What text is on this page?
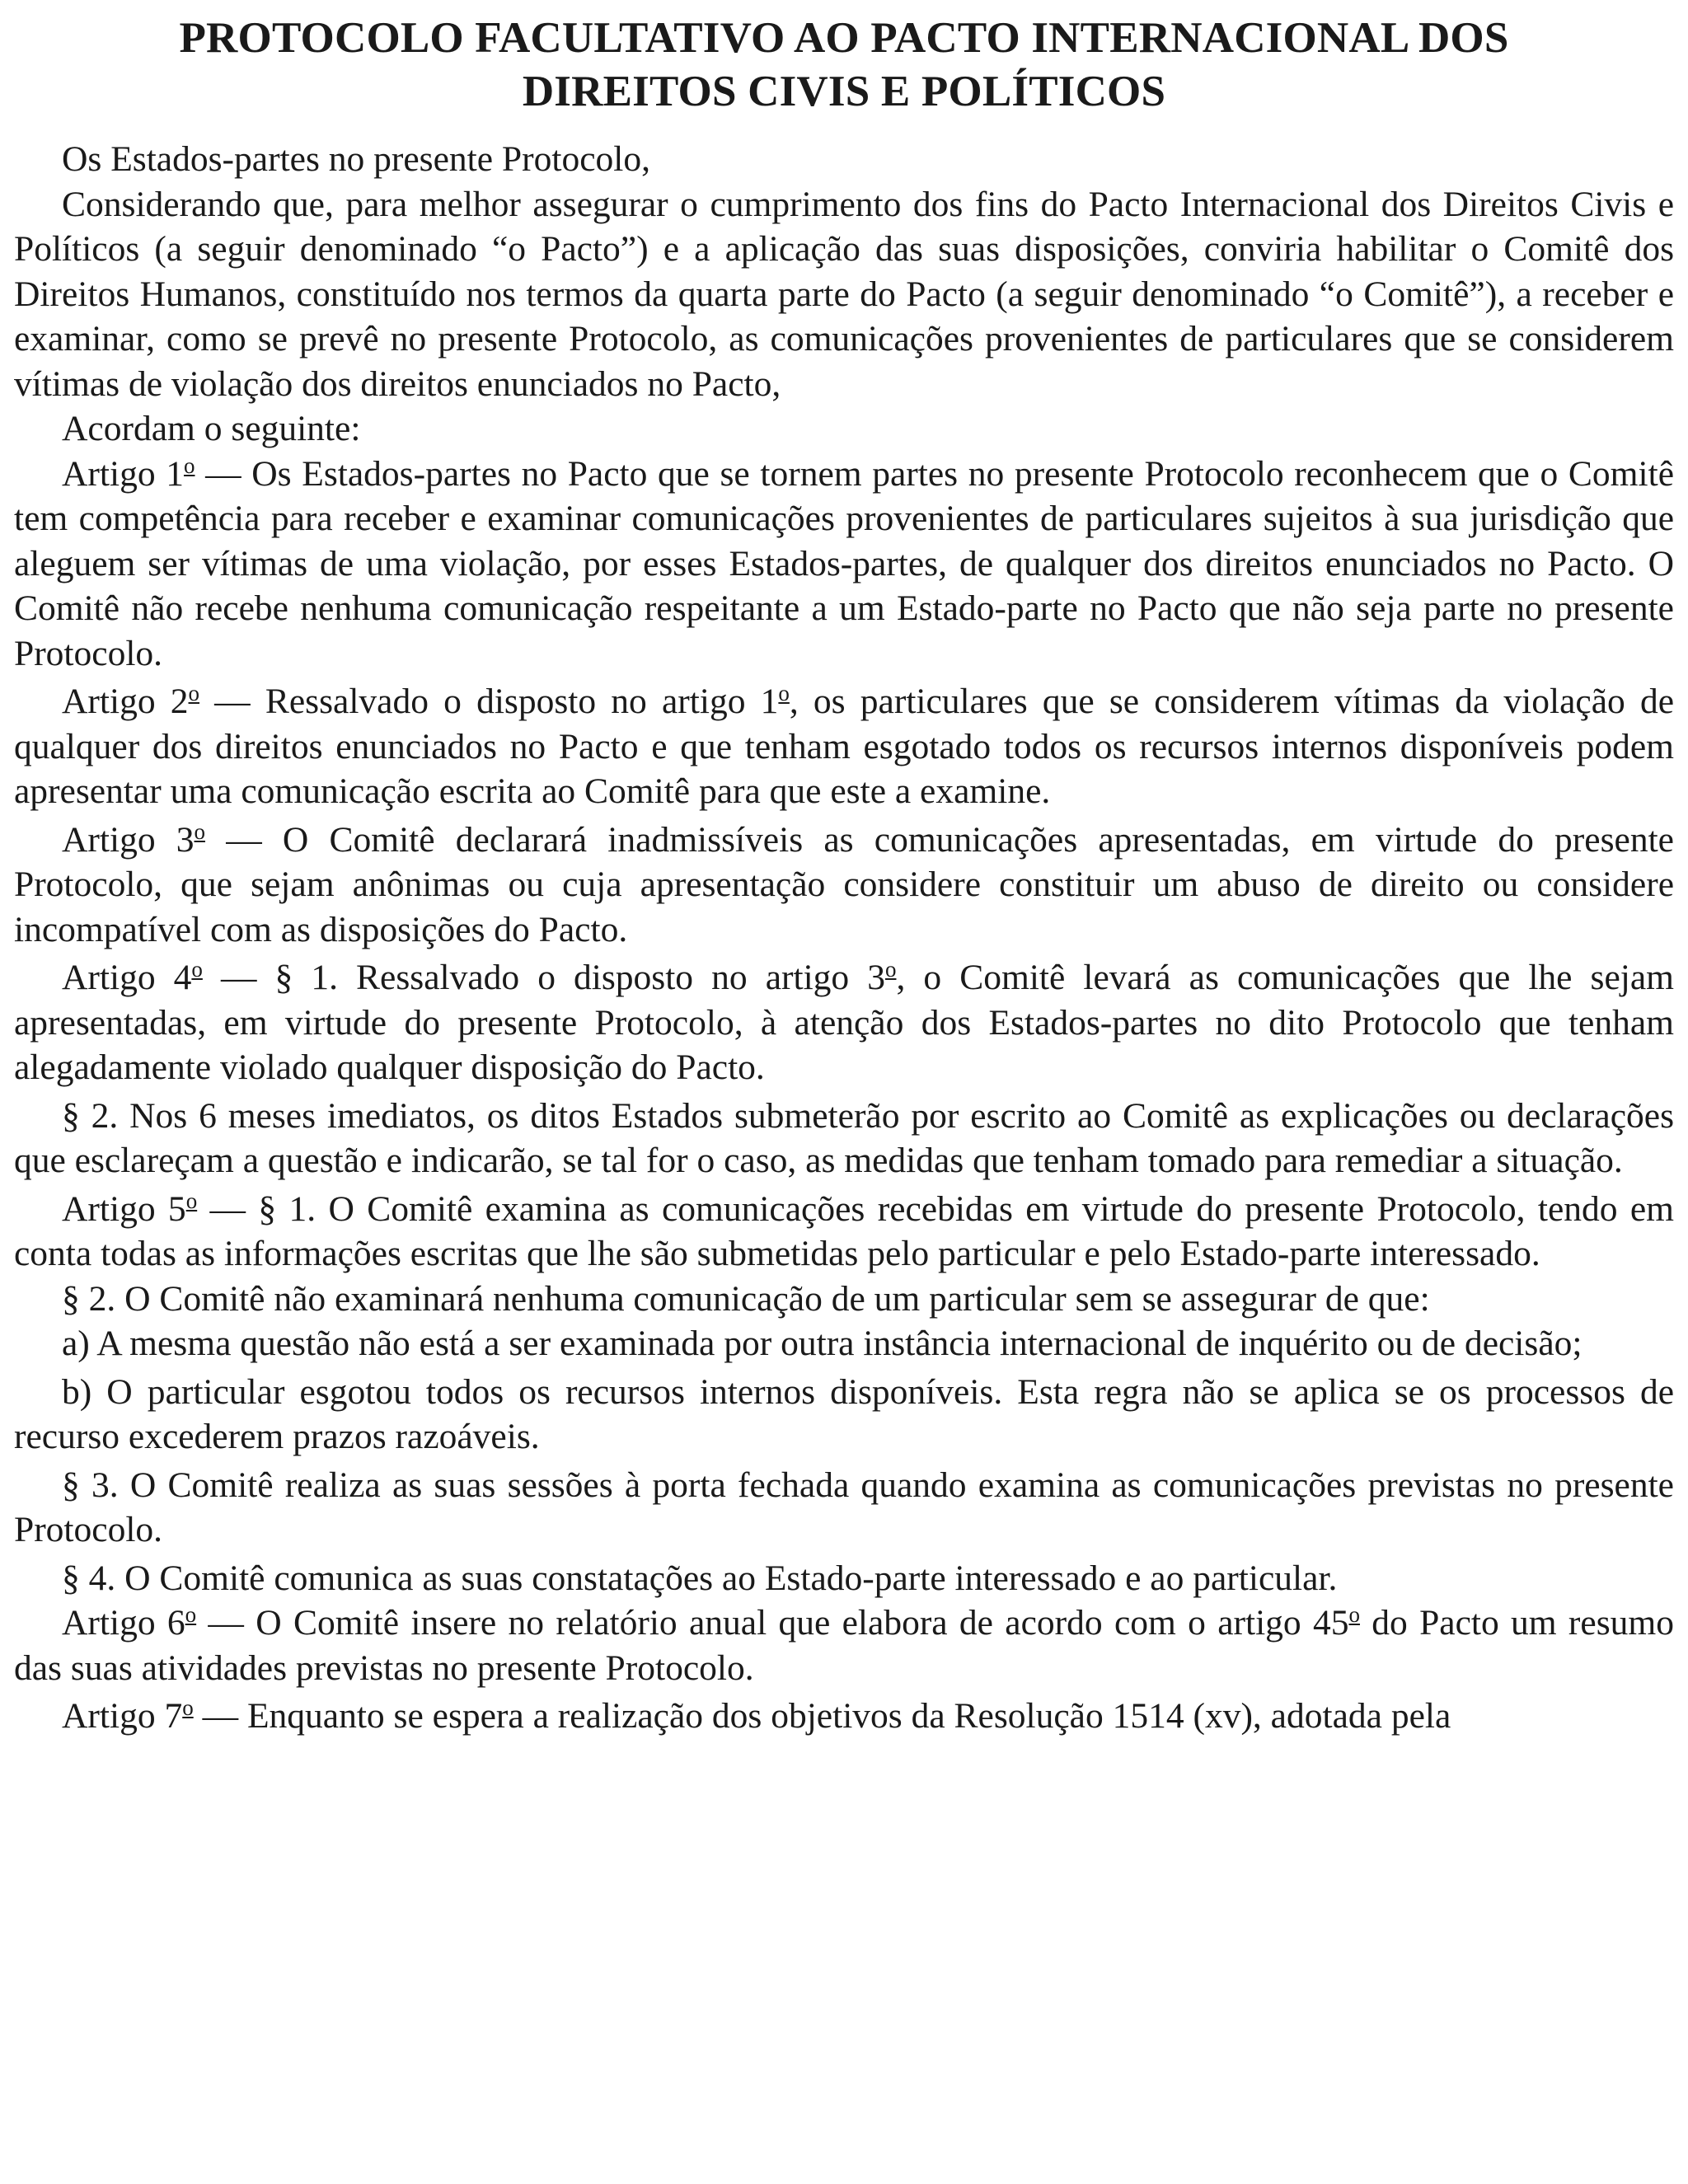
PROTOCOLO FACULTATIVO AO PACTO INTERNACIONAL DOS
DIREITOS CIVIS E POLÍTICOS

Os Estados-partes no presente Protocolo,

Considerando que, para melhor assegurar o cumprimento dos fins do Pacto Internacional dos Direitos Civis e Políticos (a seguir denominado “o Pacto”) e a aplicação das suas disposições, conviria habilitar o Comitê dos Direitos Humanos, constituído nos termos da quarta parte do Pacto (a seguir denominado “o Comitê”), a receber e examinar, como se prevê no presente Protocolo, as comunicações provenientes de particulares que se considerem vítimas de violação dos direitos enunciados no Pacto,

Acordam o seguinte:

Artigo 1$^o$ — Os Estados-partes no Pacto que se tornem partes no presente Protocolo reconhecem que o Comitê tem competência para receber e examinar comunicações provenientes de particulares sujeitos à sua jurisdição que aleguem ser vítimas de uma violação, por esses Estados-partes, de qualquer dos direitos enunciados no Pacto. O Comitê não recebe nenhuma comunicação respeitante a um Estado-parte no Pacto que não seja parte no presente Protocolo.

Artigo 2$^o$ — Ressalvado o disposto no artigo 1$^o$, os particulares que se considerem vítimas da violação de qualquer dos direitos enunciados no Pacto e que tenham esgotado todos os recursos internos disponíveis podem apresentar uma comunicação escrita ao Comitê para que este a examine.

Artigo 3$^o$ — O Comitê declarará inadmissíveis as comunicações apresentadas, em virtude do presente Protocolo, que sejam anônimas ou cuja apresentação considere constituir um abuso de direito ou considere incompatível com as disposições do Pacto.

Artigo 4$^o$ — § 1. Ressalvado o disposto no artigo 3$^o$, o Comitê levará as comunicações que lhe sejam apresentadas, em virtude do presente Protocolo, à atenção dos Estados-partes no dito Protocolo que tenham alegadamente violado qualquer disposição do Pacto.

§ 2. Nos 6 meses imediatos, os ditos Estados submeterão por escrito ao Comitê as explicações ou declarações que esclareçam a questão e indicarão, se tal for o caso, as medidas que tenham tomado para remediar a situação.

Artigo 5$^o$ — § 1. O Comitê examina as comunicações recebidas em virtude do presente Protocolo, tendo em conta todas as informações escritas que lhe são submetidas pelo particular e pelo Estado-parte interessado.

§ 2. O Comitê não examinará nenhuma comunicação de um particular sem se assegurar de que:

a) A mesma questão não está a ser examinada por outra instância internacional de inquérito ou de decisão;

b) O particular esgotou todos os recursos internos disponíveis. Esta regra não se aplica se os processos de recurso excederem prazos razoáveis.

§ 3. O Comitê realiza as suas sessões à porta fechada quando examina as comunicações previstas no presente Protocolo.

§ 4. O Comitê comunica as suas constatações ao Estado-parte interessado e ao particular.

Artigo 6$^o$ — O Comitê insere no relatório anual que elabora de acordo com o artigo 45$^o$ do Pacto um resumo das suas atividades previstas no presente Protocolo.

Artigo 7$^o$ — Enquanto se espera a realização dos objetivos da Resolução 1514 (xv), adotada pela
